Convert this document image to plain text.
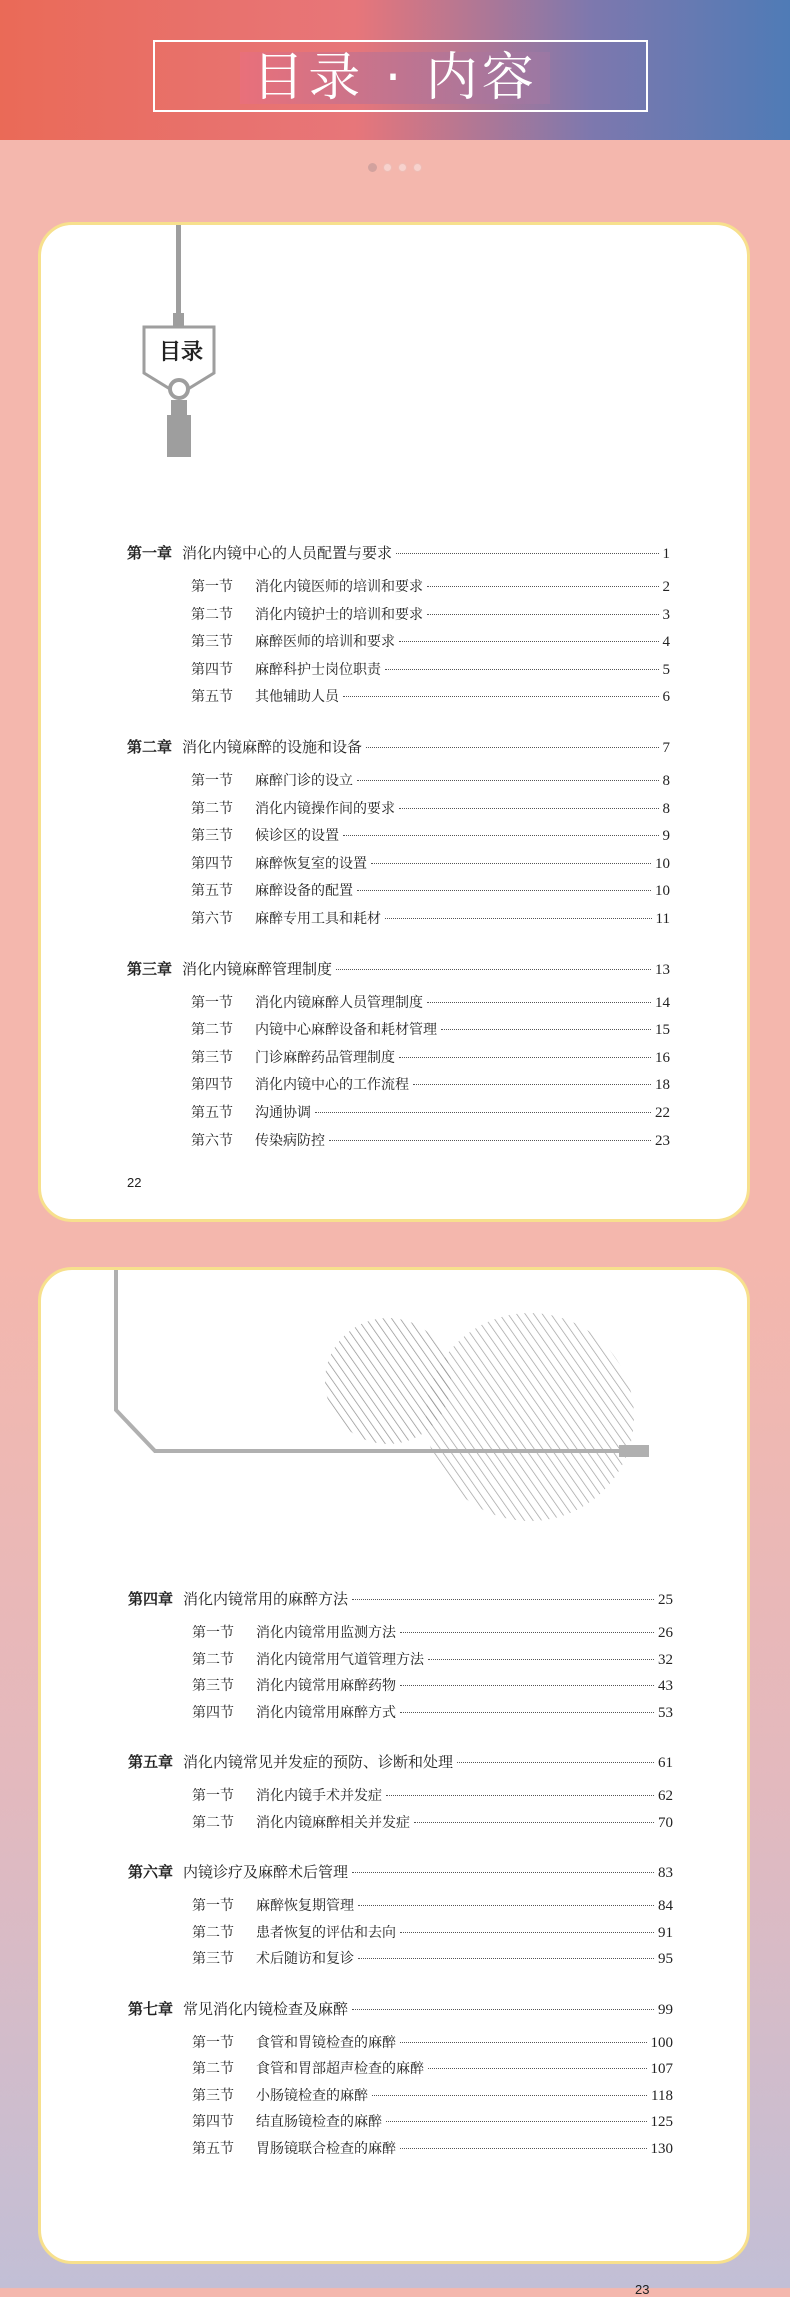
目录 · 内容
目录
第一章 消化内镜中心的人员配置与要求	1
第一节	消化内镜医师的培训和要求	2
第二节	消化内镜护士的培训和要求	3
第三节	麻醉医师的培训和要求	4
第四节	麻醉科护士岗位职责	5
第五节	其他辅助人员	6
第二章 消化内镜麻醉的设施和设备	7
第一节	麻醉门诊的设立	8
第二节	消化内镜操作间的要求	8
第三节	候诊区的设置	9
第四节	麻醉恢复室的设置	10
第五节	麻醉设备的配置	10
第六节	麻醉专用工具和耗材	11
第三章 消化内镜麻醉管理制度	13
第一节	消化内镜麻醉人员管理制度	14
第二节	内镜中心麻醉设备和耗材管理	15
第三节	门诊麻醉药品管理制度	16
第四节	消化内镜中心的工作流程	18
第五节	沟通协调	22
第六节	传染病防控	23
22
第四章 消化内镜常用的麻醉方法	25
第一节	消化内镜常用监测方法	26
第二节	消化内镜常用气道管理方法	32
第三节	消化内镜常用麻醉药物	43
第四节	消化内镜常用麻醉方式	53
第五章 消化内镜常见并发症的预防、诊断和处理	61
第一节	消化内镜手术并发症	62
第二节	消化内镜麻醉相关并发症	70
第六章 内镜诊疗及麻醉术后管理	83
第一节	麻醉恢复期管理	84
第二节	患者恢复的评估和去向	91
第三节	术后随访和复诊	95
第七章 常见消化内镜检查及麻醉	99
第一节	食管和胃镜检查的麻醉	100
第二节	食管和胃部超声检查的麻醉	107
第三节	小肠镜检查的麻醉	118
第四节	结直肠镜检查的麻醉	125
第五节	胃肠镜联合检查的麻醉	130
23
